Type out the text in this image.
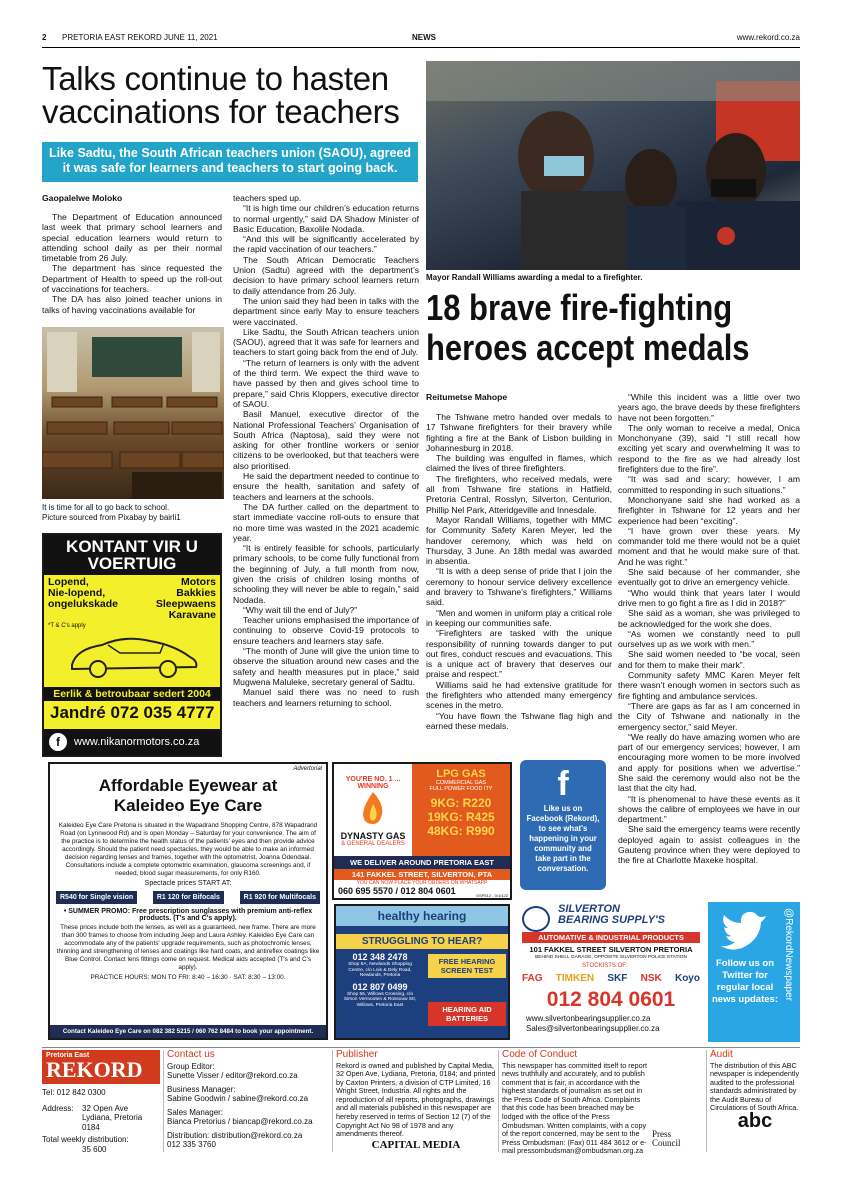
2 PRETORIA EAST REKORD JUNE 11, 2021	NEWS	www.rekord.co.za
Talks continue to hasten
vaccinations for teachers
Like Sadtu, the South African teachers union (SAOU), agreed it was safe for learners and teachers to start going back.
Gaopalelwe Moloko

The Department of Education announced last week that primary school learners and special education learners would return to attending school daily as per their normal timetable from 26 July.

The department has since requested the Department of Health to speed up the roll-out of vaccinations for teachers.

The DA has also joined teacher unions in talks of having vaccinations available for

It is time for all to go back to school.
Picture sourced from Pixabay by bairli1

teachers sped up.

“It is high time our children’s education returns to normal urgently,” said DA Shadow Minister of Basic Education, Baxolile Nodada.

“And this will be significantly accelerated by the rapid vaccination of our teachers.”

The South African Democratic Teachers Union (Sadtu) agreed with the department’s decision to have primary school learners return to daily attendance from 26 July.

The union said they had been in talks with the department since early May to ensure teachers were vaccinated.

Like Sadtu, the South African teachers union (SAOU), agreed that it was safe for learners and teachers to start going back from the end of July.

“The return of learners is only with the advent of the third term. We expect the third wave to have passed by then and gives school time to prepare,” said Chris Kloppers, executive director of SAOU.

Basil Manuel, executive director of the National Professional Teachers’ Organisation of South Africa (Naptosa), said they were not asking for other frontline workers or senior citizens to be overlooked, but that teachers were also prioritised.

He said the department needed to continue to ensure the health, sanitation and safety of teachers and learners at the schools.

The DA further called on the department to start immediate vaccine roll-outs to ensure that no more time was wasted in the 2021 academic year.

“It is entirely feasible for schools, particularly primary schools, to be come fully functional from the beginning of July, a full month from now, given the crisis of children losing months of schooling they will never be able to regain,” said Nodada.

“Why wait till the end of July?”

Teacher unions emphasised the importance of continuing to observe Covid-19 protocols to ensure teachers and learners stay safe.

“The month of June will give the union time to observe the situation around new cases and the safety and health measures put in place,” said Mugwena Maluleke, secretary general of Sadtu.

Manuel said there was no need to rush teachers and learners returning to school.

KONTANT VIR U
VOERTUIG
Lopend,
Nie-lopend,
ongelukskade
Motors
Bakkies
Sleepwaens
Karavane
*T & C's apply
Eerlik & betroubaar sedert 2004
Jandré 072 035 4777
f	www.nikanormotors.co.za
Mayor Randall Williams awarding a medal to a firefighter.
18 brave fire-fighting
heroes accept medals
Reitumetse Mahope

The Tshwane metro handed over medals to 17 Tshwane firefighters for their bravery while fighting a fire at the Bank of Lisbon building in Johannesburg in 2018.

The building was engulfed in flames, which claimed the lives of three firefighters.

The firefighters, who received medals, were all from Tshwane fire stations in Hatfield, Pretoria Central, Rosslyn, Silverton, Centurion, Phillip Nel Park, Atteridgeville and Innesdale.

Mayor Randall Williams, together with MMC for Community Safety Karen Meyer, led the handover ceremony, which was held on Thursday, 3 June. An 18th medal was awarded in absentia.

“It is with a deep sense of pride that I join the ceremony to honour service delivery excellence and bravery to Tshwane’s firefighters,” Williams said.

“Men and women in uniform play a critical role in keeping our communities safe.

“Firefighters are tasked with the unique responsibility of running towards danger to put out fires, conduct rescues and evacuations. This is a unique act of bravery that deserves our praise and respect.”

Williams said he had extensive gratitude for the firefighters who attended many emergency scenes in the metro.

“You have flown the Tshwane flag high and earned these medals.

“While this incident was a little over two years ago, the brave deeds by these firefighters have not been forgotten.”

The only woman to receive a medal, Onica Monchonyane (39), said “I still recall how exciting yet scary and overwhelming it was to respond to the fire as we had already lost firefighters due to the fire”.

“It was sad and scary; however, I am committed to responding in such situations.”

Monchonyane said she had worked as a firefighter in Tshwane for 12 years and her experience had been “exciting”.

“I have grown over these years. My commander told me there would not be a quiet moment and that he would make sure of that. And he was right.”

She said because of her commander, she eventually got to drive an emergency vehicle.

“Who would think that years later I would drive men to go fight a fire as I did in 2018?”

She said as a woman, she was privileged to be acknowledged for the work she does.

“As women we constantly need to pull ourselves up as we work with men.”

She said women needed to “be vocal, seen and for them to make their mark”.

Community safety MMC Karen Meyer felt there wasn’t enough women in sectors such as fire fighting and ambulance services.

“There are gaps as far as I am concerned in the City of Tshwane and nationally in the emergency sector,” said Meyer.

“We really do have amazing women who are part of our emergency services; however, I am encouraging more women to be more involved and apply for positions when we advertise.” She said the ceremony would also not be the last that the city had.

“It is phenomenal to have these events as it shows the calibre of employees we have in our department.”

She said the emergency teams were recently deployed again to assist colleagues in the Gauteng province when they were deployed to the fire at Charlotte Maxeke hospital.

Advertorial
Affordable Eyewear at
Kaleideo Eye Care
Kaleideo Eye Care Pretoria is situated in the Wapadrand Shopping Centre, 878 Wapadrand Road (on Lynnwood Rd) and is open Monday – Saturday for your convenience. The aim of the practice is to determine the health status of the patients’ eyes and then provide advice accordingly. Should the patient need spectacles, they would be able to make an informed decision regarding lenses and frames, together with the optometrist, Joanna Odendaal. Consultations include a complete optometric examination, glaucoma screenings and, if needed, blood sugar measurements, for only R160.
Spectacle prices START AT:
R540 for Single vision	R1 120 for Bifocals	R1 920 for Multifocals
• SUMMER PROMO: Free prescription sunglasses with premium anti-reflex products. (T's and C's apply).
These prices include both the lenses, as well as a guaranteed, new frame. There are more than 300 frames to choose from including Jeep and Laura Ashley. Kaleideo Eye Care can accommodate any of the patients' upgrade requirements, such as photochromic lenses, thinning and strengthening of lenses and coatings like hard coats, and antireflex coatings like Blue Control. Contact lens fittings come on request. Medical aids accepted (T's and C's apply).
PRACTICE HOURS: MON TO FRI: 8:40 – 16:30 · SAT: 8:30 – 13:00.
Contact Kaleideo Eye Care on 082 382 5215 / 060 762 8484 to book your appointment.
YOU'RE NO. 1 ... WINNING
DYNASTY GAS
& GENERAL DEALERS
LPG GAS
COMMERCIAL GAS
FULL POWER FOOD ITY
9KG: R220
19KG: R425
48KG: R990
WE DELIVER AROUND PRETORIA EAST
141 FAKKEL STREET, SILVERTON, PTA
YOU CAN NOW PLACE YOUR ORDERS ON WHATSAPP
060 695 5570 / 012 804 0601	GSP512 - 0/1/122
f
Like us on Facebook (Rekord), to see what's happening in your community and take part in the conversation.
healthy hearing
STRUGGLING TO HEAR?
012 348 2478
Shop 8A, Newlands Shopping Centre, c/o Lois & Dely Road, Newlands, Pretoria
012 807 0499
Shop 55, Willows Crossing, c/o Simon Vermooten & Rossouw Str, Willows, Pretoria East
FREE HEARING
SCREEN TEST
HEARING AID
BATTERIES
SILVERTON
BEARING SUPPLY'S
AUTOMATIVE & INDUSTRIAL PRODUCTS
101 FAKKEL STREET SILVERTON PRETORIA
BEHIND SHELL GARAGE, OPPOSITE SILVERTON POLICE STATION
STOCKISTS OF:
FAG TIMKEN SKF NSK Koyo
012 804 0601
www.silvertonbearingsupplier.co.za
Sales@silvertonbearingsupplier.co.za
Follow us on Twitter for regular local news updates: @RekordNewspaper
Pretoria East
REKORD
Tel: 012 842 0300
Address:	32 Open Ave Lydiana, Pretoria 0184
Total weekly distribution:
35 600
Contact us
Group Editor:
Sunette Visser / editor@rekord.co.za
Business Manager:
Sabine Goodwin / sabine@rekord.co.za
Sales Manager:
Bianca Pretorius / biancap@rekord.co.za
Distribution: distribution@rekord.co.za
012 335 3760
Publisher
Rekord is owned and published by Capital Media, 32 Open Ave, Lydiana, Pretoria, 0184; and printed by Caxton Printers, a division of CTP Limited, 16 Wright Street, Industria. All rights and the reproduction of all reports, photographs, drawings and all materials published in this newspaper are hereby reserved in terms of Section 12 (7) of the Copyright Act No 98 of 1978 and any amendments thereof.
CAPITAL MEDIA
Code of Conduct
This newspaper has committed itself to report news truthfully and accurately, and to publish comment that is fair, in accordance with the highest standards of journalism as set out in the Press Code of South Africa. Complaints that this code has been breached may be lodged with the office of the Press Ombudsman. Written complaints, with a copy of the report concerned, may be sent to the Press Ombudsman: (Fax) 011 484 3612 or e-mail pressombudsman@ombudsman.org.za
Press
Council
Audit
The distribution of this ABC newspaper is independently audited to the professional standards administrated by the Audit Bureau of Circulations of South Africa.
abc
